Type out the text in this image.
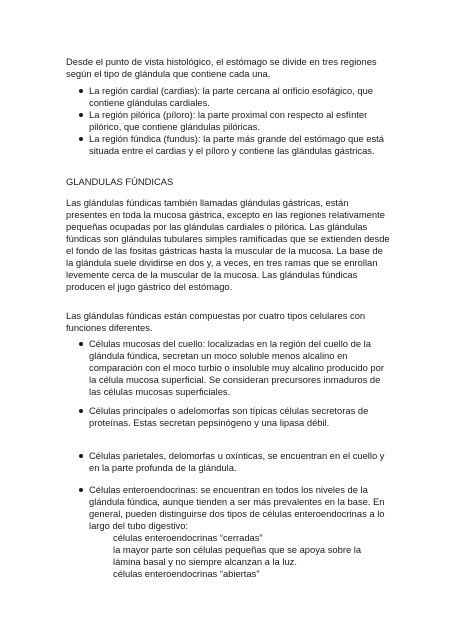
Desde el punto de vista histológico, el estómago se divide en tres regiones según el tipo de glándula que contiene cada una.

La región cardial (cardias): la parte cercana al orificio esofágico, que contiene glándulas cardiales.
La región pilórica (píloro): la parte proximal con respecto al esfínter pilórico, que contiene glándulas pilóricas.
La región fúndica (fundus): la parte más grande del estómago que está situada entre el cardias y el píloro y contiene las glándulas gástricas.

GLANDULAS FÚNDICAS

Las glándulas fúndicas también llamadas glándulas gástricas, están presentes en toda la mucosa gástrica, excepto en las regiones relativamente pequeñas ocupadas por las glándulas cardiales o pilórica. Las glándulas fúndicas son glándulas tubulares simples ramificadas que se extienden desde el fondo de las fositas gástricas hasta la muscular de la mucosa. La base de la glándula suele dividirse en dos y, a veces, en tres ramas que se enrollan levemente cerca de la muscular de la mucosa. Las glándulas fúndicas producen el jugo gástrico del estómago.

Las glándulas fúndicas están compuestas por cuatro tipos celulares con funciones diferentes.

Células mucosas del cuello: localizadas en la región del cuello de la glándula fúndica, secretan un moco soluble menos alcalino en comparación con el moco turbio o insoluble muy alcalino producido por la célula mucosa superficial. Se consideran precursores inmaduros de las células mucosas superficiales.
Células principales o adelomorfas son típicas células secretoras de proteínas. Estas secretan pepsinógeno y una lipasa débil.
Células parietales, delomorfas u oxínticas, se encuentran en el cuello y en la parte profunda de la glándula.
Células enteroendocrinas: se encuentran en todos los niveles de la glándula fúndica, aunque tienden a ser más prevalentes en la base. En general, pueden distinguirse dos tipos de células enteroendocrinas a lo largo del tubo digestivo:
células enteroendocrinas “cerradas”
la mayor parte son células pequeñas que se apoya sobre la lámina basal y no siempre alcanzan a la luz.
células enteroendocrinas “abiertas”
